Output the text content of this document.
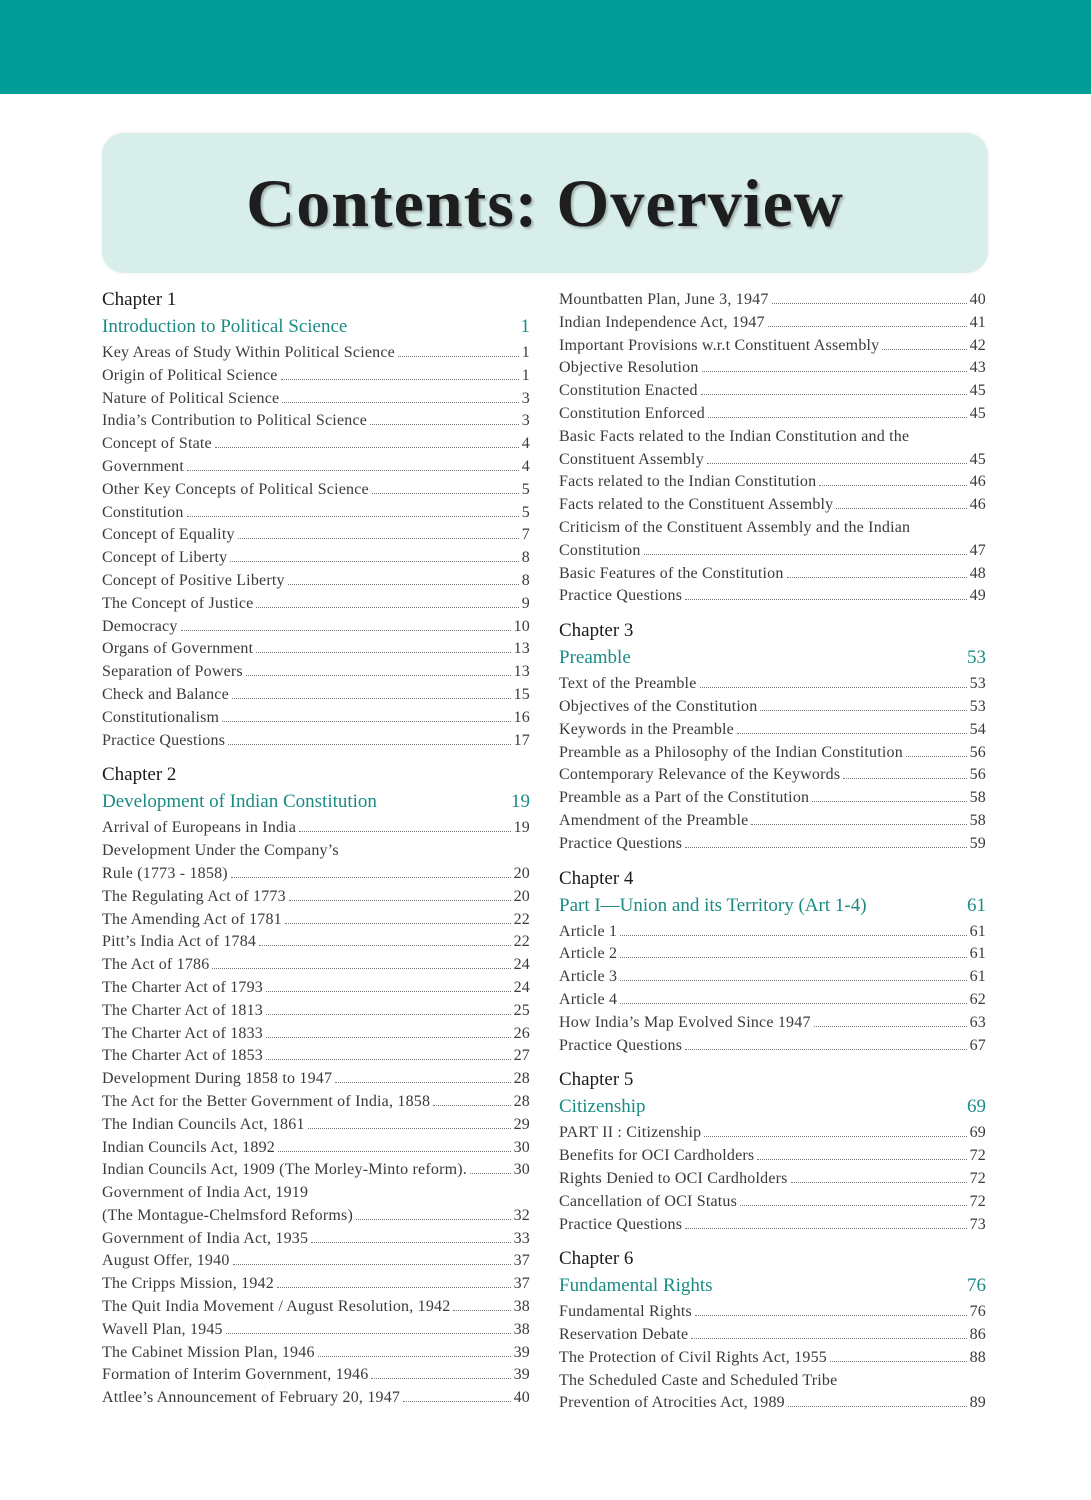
Contents: Overview
Chapter 1
Introduction to Political Science	1
Key Areas of Study Within Political Science	1
Origin of Political Science	1
Nature of Political Science	3
India’s Contribution to Political Science	3
Concept of State	4
Government	4
Other Key Concepts of Political Science	5
Constitution	5
Concept of Equality	7
Concept of Liberty	8
Concept of Positive Liberty	8
The Concept of Justice	9
Democracy	10
Organs of Government	13
Separation of Powers	13
Check and Balance	15
Constitutionalism	16
Practice Questions	17
Chapter 2
Development of Indian Constitution	19
Arrival of Europeans in India	19
Development Under the Company’s
Rule (1773 - 1858)	20
The Regulating Act of 1773	20
The Amending Act of 1781	22
Pitt’s India Act of 1784	22
The Act of 1786	24
The Charter Act of 1793	24
The Charter Act of 1813	25
The Charter Act of 1833	26
The Charter Act of 1853	27
Development During 1858 to 1947	28
The Act for the Better Government of India, 1858	28
The Indian Councils Act, 1861	29
Indian Councils Act, 1892	30
Indian Councils Act, 1909 (The Morley-Minto reform).	30
Government of India Act, 1919
(The Montague-Chelmsford Reforms)	32
Government of India Act, 1935	33
August Offer, 1940	37
The Cripps Mission, 1942	37
The Quit India Movement / August Resolution, 1942	38
Wavell Plan, 1945	38
The Cabinet Mission Plan, 1946	39
Formation of Interim Government, 1946	39
Attlee’s Announcement of February 20, 1947	40
Mountbatten Plan, June 3, 1947	40
Indian Independence Act, 1947	41
Important Provisions w.r.t Constituent Assembly	42
Objective Resolution	43
Constitution Enacted	45
Constitution Enforced	45
Basic Facts related to the Indian Constitution and the
Constituent Assembly	45
Facts related to the Indian Constitution	46
Facts related to the Constituent Assembly	46
Criticism of the Constituent Assembly and the Indian
Constitution	47
Basic Features of the Constitution	48
Practice Questions	49
Chapter 3
Preamble	53
Text of the Preamble	53
Objectives of the Constitution	53
Keywords in the Preamble	54
Preamble as a Philosophy of the Indian Constitution	56
Contemporary Relevance of the Keywords	56
Preamble as a Part of the Constitution	58
Amendment of the Preamble	58
Practice Questions	59
Chapter 4
Part I—Union and its Territory (Art 1-4)	61
Article 1	61
Article 2	61
Article 3	61
Article 4	62
How India’s Map Evolved Since 1947	63
Practice Questions	67
Chapter 5
Citizenship	69
PART II : Citizenship	69
Benefits for OCI Cardholders	72
Rights Denied to OCI Cardholders	72
Cancellation of OCI Status	72
Practice Questions	73
Chapter 6
Fundamental Rights	76
Fundamental Rights	76
Reservation Debate	86
The Protection of Civil Rights Act, 1955	88
The Scheduled Caste and Scheduled Tribe
Prevention of Atrocities Act, 1989	89
